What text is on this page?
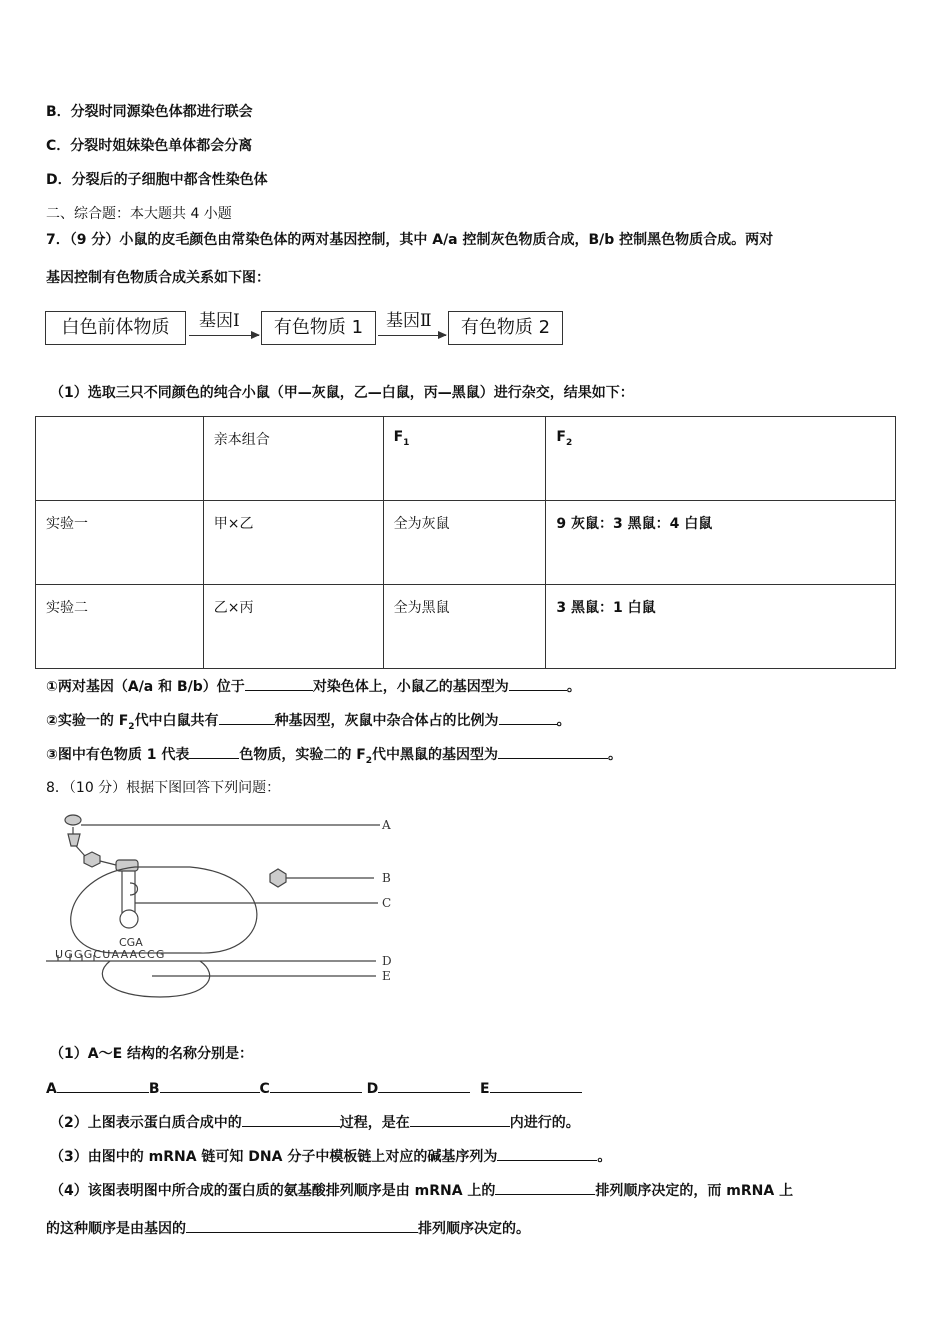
B．分裂时同源染色体都进行联会
C．分裂时姐妹染色单体都会分离
D．分裂后的子细胞中都含性染色体
二、综合题：本大题共 4 小题
7．（9 分）小鼠的皮毛颜色由常染色体的两对基因控制，其中 A/a 控制灰色物质合成，B/b 控制黑色物质合成。两对
基因控制有色物质合成关系如下图：
白色前体物质	基因Ⅰ	有色物质 1	基因Ⅱ	有色物质 2
（1）选取三只不同颜色的纯合小鼠（甲—灰鼠，乙—白鼠，丙—黑鼠）进行杂交，结果如下：
	亲本组合	$F_1$	$F_2$
实验一	甲×乙	全为灰鼠	9 灰鼠：3 黑鼠：4 白鼠
实验二	乙×丙	全为黑鼠	3 黑鼠：1 白鼠
①两对基因（A/a 和 B/b）位于	对染色体上，小鼠乙的基因型为	。
②实验一的 $F_2$代中白鼠共有	种基因型，灰鼠中杂合体占的比例为	。
③图中有色物质 1 代表	色物质，实验二的 $F_2$代中黑鼠的基因型为	。
8．（10 分）根据下图回答下列问题：
CGA
UGGGCUAAACCG
A
B
C
D
E
（1）A～E 结构的名称分别是：
A	B	C	D	E
（2）上图表示蛋白质合成中的	过程，是在	内进行的。
（3）由图中的 mRNA 链可知 DNA 分子中模板链上对应的碱基序列为	。
（4）该图表明图中所合成的蛋白质的氨基酸排列顺序是由 mRNA 上的	排列顺序决定的，而 mRNA 上
的这种顺序是由基因的	排列顺序决定的。
